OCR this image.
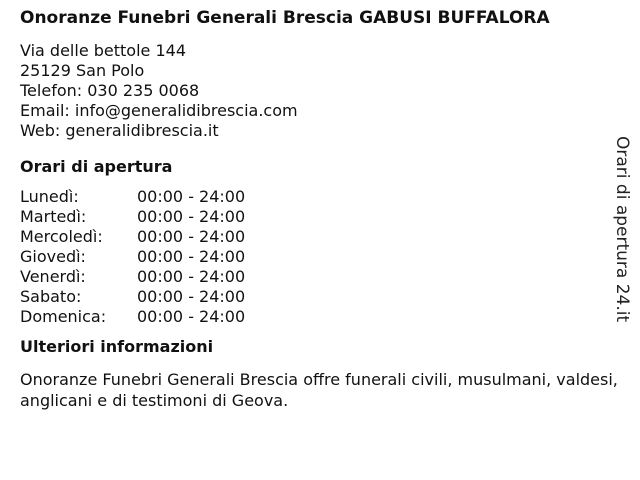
Onoranze Funebri Generali Brescia GABUSI BUFFALORA
Via delle bettole 144
25129 San Polo
Telefon: 030 235 0068
Email: info@generalidibrescia.com
Web: generalidibrescia.it
Orari di apertura
Lunedì:	00:00 - 24:00
Martedì:	00:00 - 24:00
Mercoledì:	00:00 - 24:00
Giovedì:	00:00 - 24:00
Venerdì:	00:00 - 24:00
Sabato:	00:00 - 24:00
Domenica:	00:00 - 24:00
Ulteriori informazioni
Onoranze Funebri Generali Brescia offre funerali civili, musulmani, valdesi, anglicani e di testimoni di Geova.
Orari di apertura 24.it
